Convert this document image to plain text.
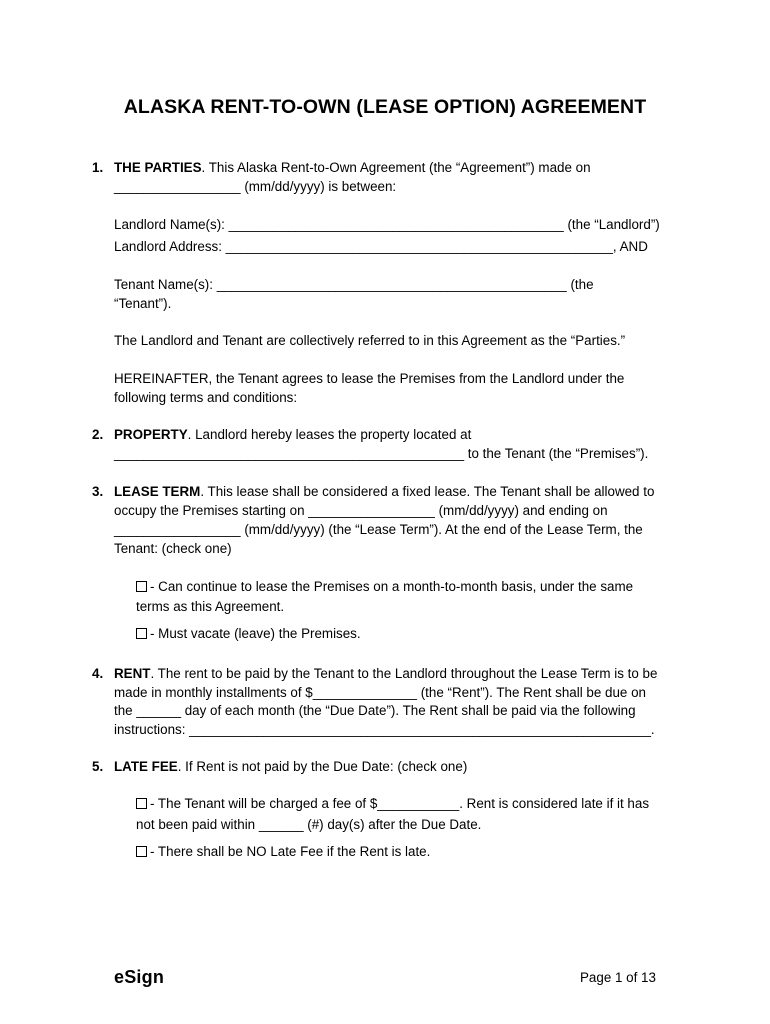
ALASKA RENT-TO-OWN (LEASE OPTION) AGREEMENT
1. THE PARTIES. This Alaska Rent-to-Own Agreement (the “Agreement”) made on
_________________ (mm/dd/yyyy) is between:
Landlord Name(s): _____________________________________________ (the “Landlord”)
Landlord Address: ____________________________________________________, AND
Tenant Name(s): _______________________________________________ (the
“Tenant”).
The Landlord and Tenant are collectively referred to in this Agreement as the “Parties.”
HEREINAFTER, the Tenant agrees to lease the Premises from the Landlord under the
following terms and conditions:
2. PROPERTY. Landlord hereby leases the property located at
_______________________________________________ to the Tenant (the “Premises”).
3. LEASE TERM. This lease shall be considered a fixed lease. The Tenant shall be allowed to
occupy the Premises starting on _________________ (mm/dd/yyyy) and ending on
_________________ (mm/dd/yyyy) (the “Lease Term”). At the end of the Lease Term, the
Tenant: (check one)
- Can continue to lease the Premises on a month-to-month basis, under the same
terms as this Agreement.
- Must vacate (leave) the Premises.
4. RENT. The rent to be paid by the Tenant to the Landlord throughout the Lease Term is to be
made in monthly installments of $______________ (the “Rent”). The Rent shall be due on
the ______ day of each month (the “Due Date”). The Rent shall be paid via the following
instructions: ______________________________________________________________.
5. LATE FEE. If Rent is not paid by the Due Date: (check one)
- The Tenant will be charged a fee of $___________. Rent is considered late if it has
not been paid within ______ (#) day(s) after the Due Date.
- There shall be NO Late Fee if the Rent is late.
eSign	Page 1 of 13
